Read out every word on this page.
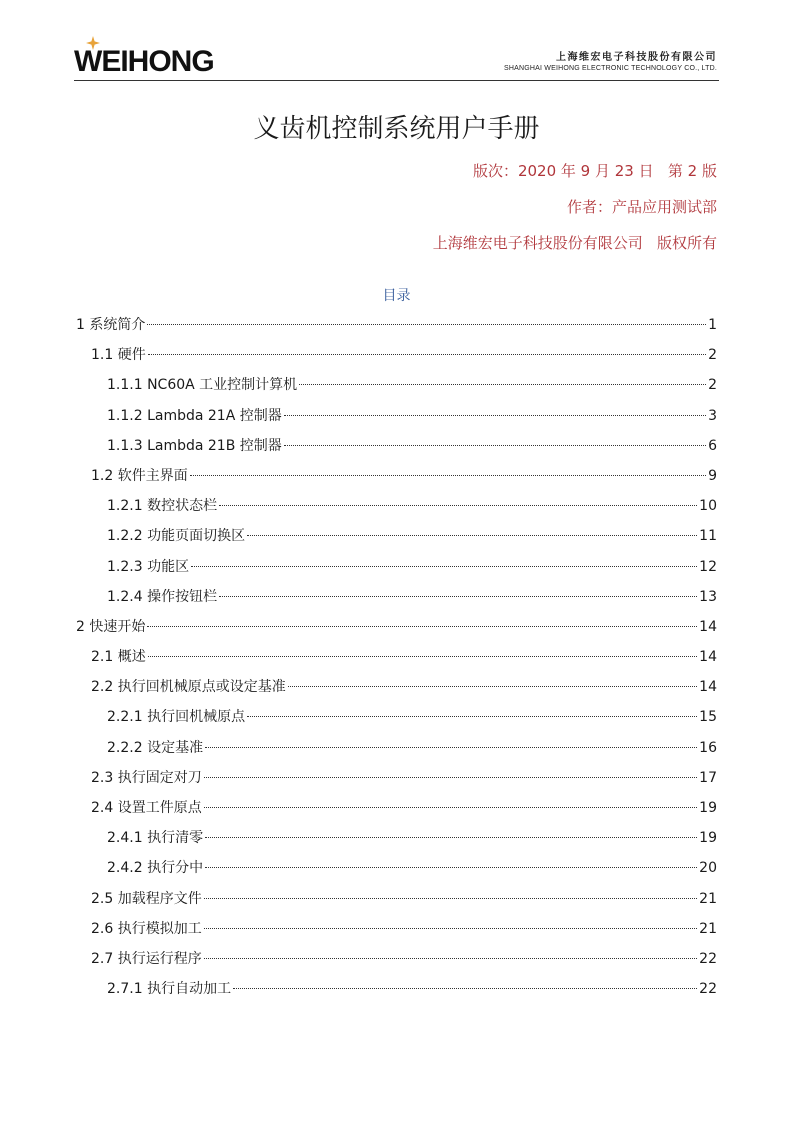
WEIHONG	上海维宏电子科技股份有限公司
SHANGHAI WEIHONG ELECTRONIC TECHNOLOGY CO., LTD.
义齿机控制系统用户手册
版次：2020 年 9 月 23 日   第 2 版
作者：产品应用测试部
上海维宏电子科技股份有限公司   版权所有
目录
1 系统简介	1
1.1 硬件	2
1.1.1 NC60A 工业控制计算机	2
1.1.2 Lambda 21A 控制器	3
1.1.3 Lambda 21B 控制器	6
1.2 软件主界面	9
1.2.1 数控状态栏	10
1.2.2 功能页面切换区	11
1.2.3 功能区	12
1.2.4 操作按钮栏	13
2 快速开始	14
2.1 概述	14
2.2 执行回机械原点或设定基准	14
2.2.1 执行回机械原点	15
2.2.2 设定基准	16
2.3 执行固定对刀	17
2.4 设置工件原点	19
2.4.1 执行清零	19
2.4.2 执行分中	20
2.5 加载程序文件	21
2.6 执行模拟加工	21
2.7 执行运行程序	22
2.7.1 执行自动加工	22
